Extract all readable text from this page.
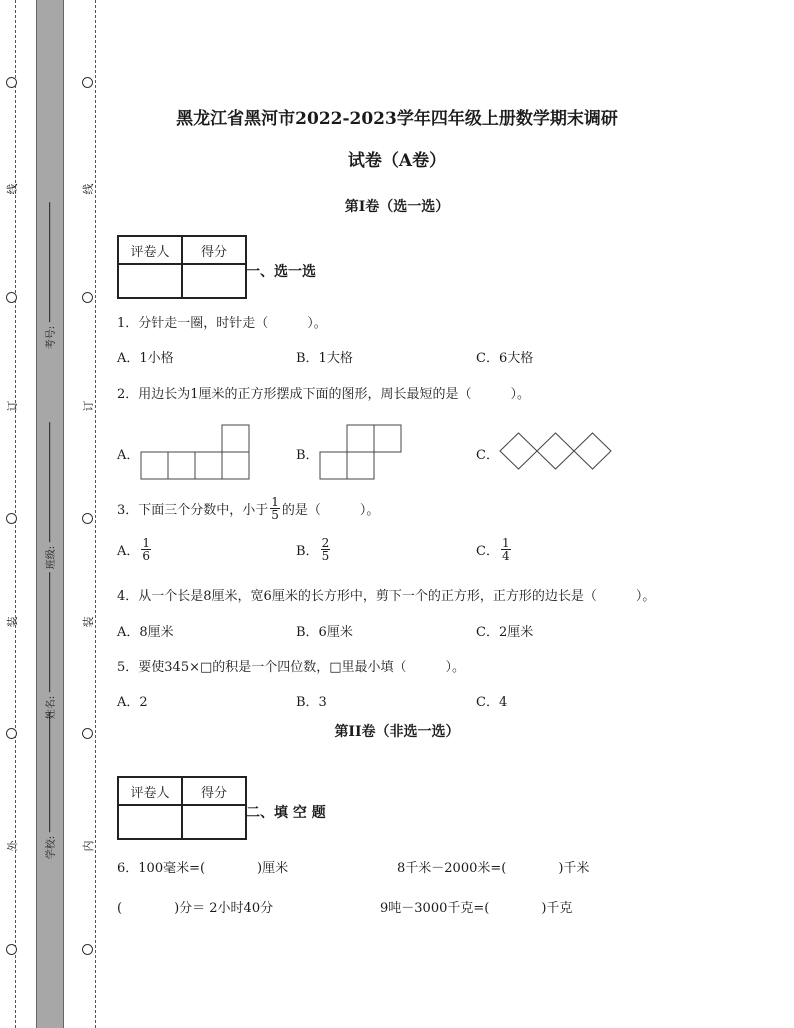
线
订
装
外
线
订
装
内
考号:
班级:
姓名:
学校:
黑龙江省黑河市2022-2023学年四年级上册数学期末调研
试卷（A卷）
第I卷（选一选）
评卷人	得分

一、选一选
1．分针走一圈，时针走（　　　）。
A．1小格	B．1大格	C．6大格
2．用边长为1厘米的正方形摆成下面的图形，周长最短的是（　　　）。
A．	B．	C．
3．下面三个分数中，小于 $\frac{1}{5}$ 的是（　　　）。
A． $\frac{1}{6}$	B． $\frac{2}{5}$	C． $\frac{1}{4}$
4．从一个长是8厘米，宽6厘米的长方形中，剪下一个的正方形，正方形的边长是（　　　）。
A．8厘米	B．6厘米	C．2厘米
5．要使345×□的积是一个四位数，□里最小填（　　　）。
A．2	B．3	C．4
第II卷（非选一选）
评卷人	得分

二、填 空 题
6．100毫米=(　　　　)厘米	8千米－2000米=(　　　　)千米
(　　　　)分＝ 2小时40分	9吨－3000千克=(　　　　)千克
